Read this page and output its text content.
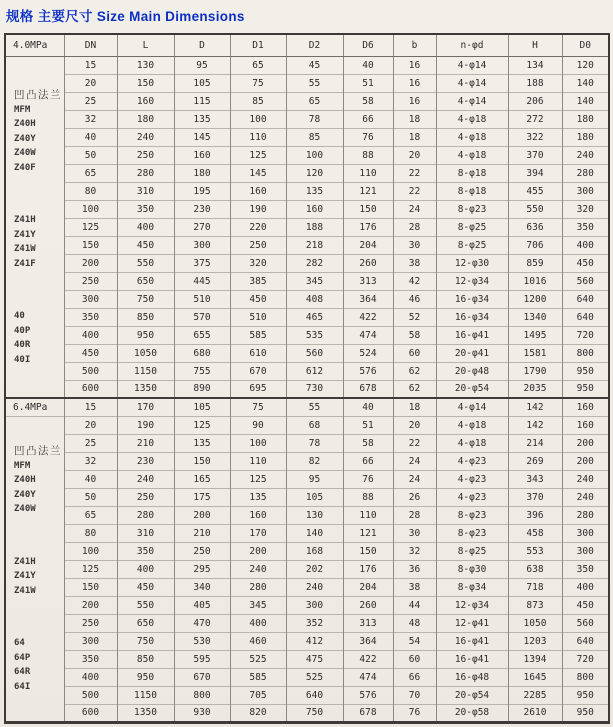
规格 主要尺寸 Size Main Dimensions
4.0MPa	DN	L	D	D1	D2	D6	b	n-φd	H	D0

凹凸法兰
MFM
Z40H
Z40Y
Z40W
Z40F
Z41H
Z41Y
Z41W
Z41F
40
40P
40R
40I
	15	130	95	65	45	40	16	4-φ14	134	120
	20	150	105	75	55	51	16	4-φ14	188	140
	25	160	115	85	65	58	16	4-φ14	206	140
	32	180	135	100	78	66	18	4-φ18	272	180
	40	240	145	110	85	76	18	4-φ18	322	180
	50	250	160	125	100	88	20	4-φ18	370	240
	65	280	180	145	120	110	22	8-φ18	394	280
	80	310	195	160	135	121	22	8-φ18	455	300
	100	350	230	190	160	150	24	8-φ23	550	320
	125	400	270	220	188	176	28	8-φ25	636	350
	150	450	300	250	218	204	30	8-φ25	706	400
	200	550	375	320	282	260	38	12-φ30	859	450
	250	650	445	385	345	313	42	12-φ34	1016	560
	300	750	510	450	408	364	46	16-φ34	1200	640
	350	850	570	510	465	422	52	16-φ34	1340	640
	400	950	655	585	535	474	58	16-φ41	1495	720
	450	1050	680	610	560	524	60	20-φ41	1581	800
	500	1150	755	670	612	576	62	20-φ48	1790	950
	600	1350	890	695	730	678	62	20-φ54	2035	950
6.4MPa	15	170	105	75	55	40	18	4-φ14	142	160

凹凸法兰
MFM
Z40H
Z40Y
Z40W
Z41H
Z41Y
Z41W
64
64P
64R
64I
	20	190	125	90	68	51	20	4-φ18	142	160
	25	210	135	100	78	58	22	4-φ18	214	200
	32	230	150	110	82	66	24	4-φ23	269	200
	40	240	165	125	95	76	24	4-φ23	343	240
	50	250	175	135	105	88	26	4-φ23	370	240
	65	280	200	160	130	110	28	8-φ23	396	280
	80	310	210	170	140	121	30	8-φ23	458	300
	100	350	250	200	168	150	32	8-φ25	553	300
	125	400	295	240	202	176	36	8-φ30	638	350
	150	450	340	280	240	204	38	8-φ34	718	400
	200	550	405	345	300	260	44	12-φ34	873	450
	250	650	470	400	352	313	48	12-φ41	1050	560
	300	750	530	460	412	364	54	16-φ41	1203	640
	350	850	595	525	475	422	60	16-φ41	1394	720
	400	950	670	585	525	474	66	16-φ48	1645	800
	500	1150	800	705	640	576	70	20-φ54	2285	950
	600	1350	930	820	750	678	76	20-φ58	2610	950
